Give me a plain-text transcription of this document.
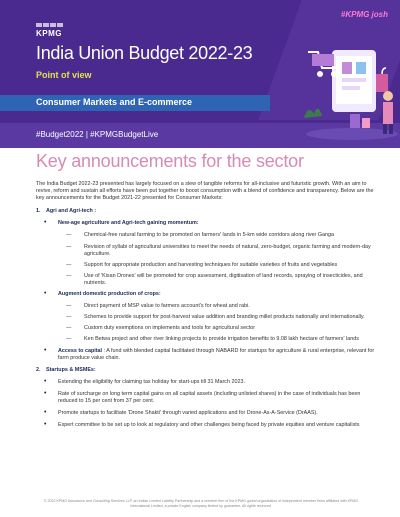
KPMG
#KPMG josh
India Union Budget 2022-23
Point of view
Consumer Markets and E-commerce
#Budget2022 | #KPMGBudgetLive
Key announcements for the sector

The India Budget 2022-23 presented has largely focused on a slew of tangible reforms for all-inclusive and futuristic growth. With an aim to revive, reform and sustain all efforts have been put together to boost consumption with a blend of confidence and transparency. Below are the key announcements for the Budget 2021-22 presented for Consumer Markets:

1. Agri and Agri-tech :
• New-age agriculture and Agri-tech gaining momentum:
— Chemical-free natural farming to be promoted on farmers' lands in 5-km wide corridors along river Ganga
— Revision of syllabi of agricultural universities to meet the needs of natural, zero-budget, organic farming and modern-day agriculture.
— Support for appropriate production and harvesting techniques for suitable varieties of fruits and vegetables
— Use of 'Kisan Drones' will be promoted for crop assessment, digitisation of land records, spraying of insecticides, and nutrients.
• Augment domestic production of crops:
— Direct payment of MSP value to farmers account's for wheat and rabi.
— Schemes to provide support for post-harvest value addition and branding millet products nationally and internationally.
— Custom duty exemptions on implements and tools for agricultural sector
— Ken Betwa project and other river linking projects to provide irrigation benefits to 9.08 lakh hectare of farmers' lands
• Access to capital : A fund with blended capital facilitated through NABARD for startups for agriculture & rural enterprise, relevant for farm produce value chain.
2. Startups & MSMEs:
• Extending the eligibility for claiming tax holiday for start-ups till 31 March 2023.
• Rate of surcharge on long term capital gains on all capital assets (including unlisted shares) in the case of individuals has been reduced to 15 per cent from 37 per cent.
• Promote startups to facilitate 'Drone Shakti' through varied applications and for Drone-As-A-Service (DrAAS).
• Expert committee to be set up to look at regulatory and other challenges being faced by private equities and venture capitalists
© 2022 KPMG Assurance and Consulting Services LLP, an Indian Limited Liability Partnership and a member firm of the KPMG global organization of independent member firms affiliated with KPMG International Limited, a private English company limited by guarantee. All rights reserved.
